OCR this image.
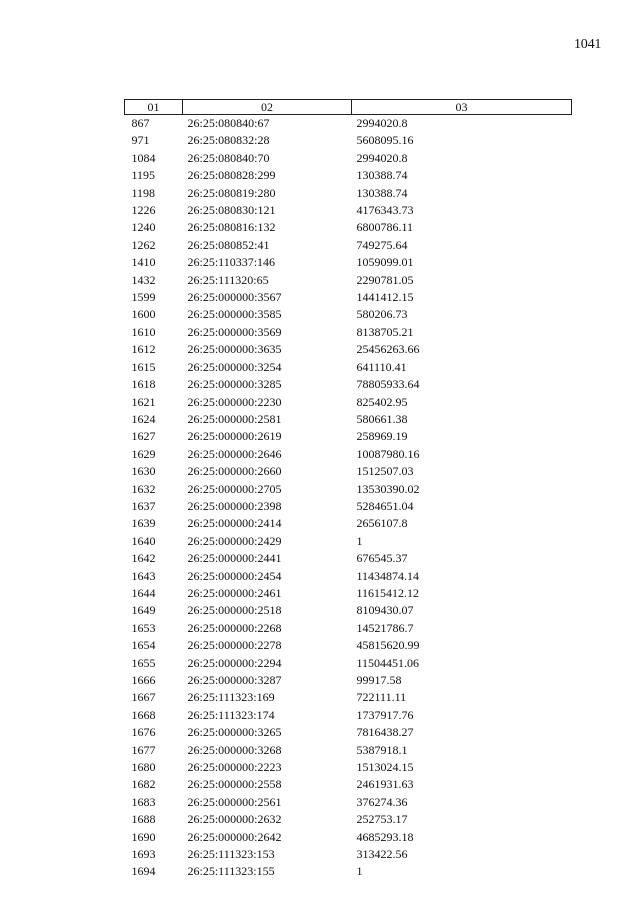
1041
01	02	03
867	26:25:080840:67	2994020.8
971	26:25:080832:28	5608095.16
1084	26:25:080840:70	2994020.8
1195	26:25:080828:299	130388.74
1198	26:25:080819:280	130388.74
1226	26:25:080830:121	4176343.73
1240	26:25:080816:132	6800786.11
1262	26:25:080852:41	749275.64
1410	26:25:110337:146	1059099.01
1432	26:25:111320:65	2290781.05
1599	26:25:000000:3567	1441412.15
1600	26:25:000000:3585	580206.73
1610	26:25:000000:3569	8138705.21
1612	26:25:000000:3635	25456263.66
1615	26:25:000000:3254	641110.41
1618	26:25:000000:3285	78805933.64
1621	26:25:000000:2230	825402.95
1624	26:25:000000:2581	580661.38
1627	26:25:000000:2619	258969.19
1629	26:25:000000:2646	10087980.16
1630	26:25:000000:2660	1512507.03
1632	26:25:000000:2705	13530390.02
1637	26:25:000000:2398	5284651.04
1639	26:25:000000:2414	2656107.8
1640	26:25:000000:2429	1
1642	26:25:000000:2441	676545.37
1643	26:25:000000:2454	11434874.14
1644	26:25:000000:2461	11615412.12
1649	26:25:000000:2518	8109430.07
1653	26:25:000000:2268	14521786.7
1654	26:25:000000:2278	45815620.99
1655	26:25:000000:2294	11504451.06
1666	26:25:000000:3287	99917.58
1667	26:25:111323:169	722111.11
1668	26:25:111323:174	1737917.76
1676	26:25:000000:3265	7816438.27
1677	26:25:000000:3268	5387918.1
1680	26:25:000000:2223	1513024.15
1682	26:25:000000:2558	2461931.63
1683	26:25:000000:2561	376274.36
1688	26:25:000000:2632	252753.17
1690	26:25:000000:2642	4685293.18
1693	26:25:111323:153	313422.56
1694	26:25:111323:155	1
